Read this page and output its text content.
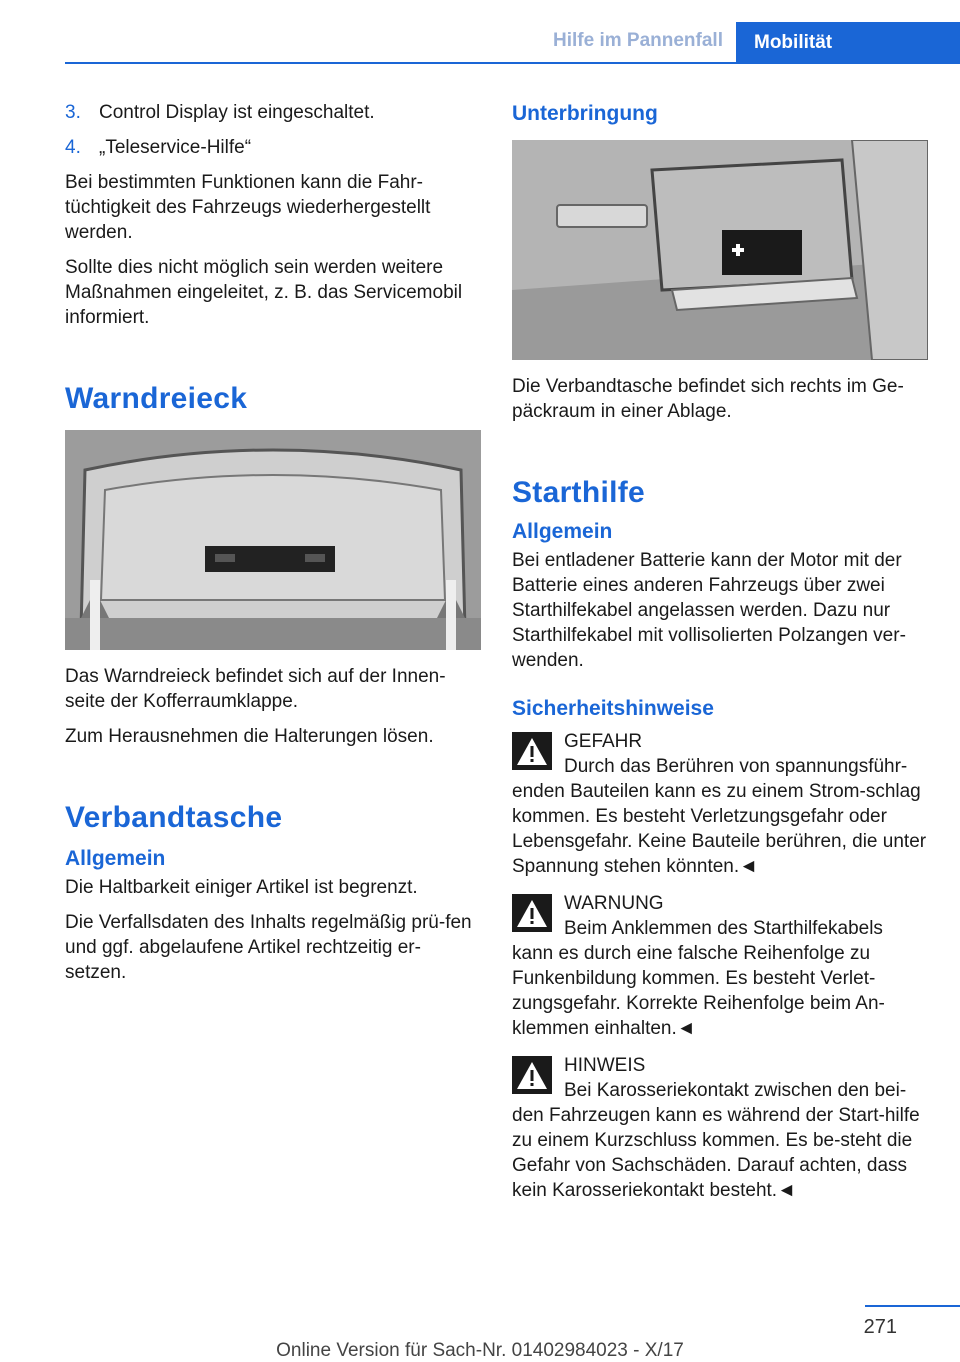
Hilfe im Pannenfall	Mobilität
3. Control Display ist eingeschaltet.
4. „Teleservice-Hilfe“

Bei bestimmten Funktionen kann die Fahr-tüchtigkeit des Fahrzeugs wiederhergestellt werden.

Sollte dies nicht möglich sein werden weitere Maßnahmen eingeleitet, z. B. das Servicemobil informiert.

Warndreieck

Das Warndreieck befindet sich auf der Innen-seite der Kofferraumklappe.

Zum Herausnehmen die Halterungen lösen.

Verbandtasche
Allgemein

Die Haltbarkeit einiger Artikel ist begrenzt.

Die Verfallsdaten des Inhalts regelmäßig prü-fen und ggf. abgelaufene Artikel rechtzeitig er-setzen.

Unterbringung

Die Verbandtasche befindet sich rechts im Ge-päckraum in einer Ablage.

Starthilfe
Allgemein

Bei entladener Batterie kann der Motor mit der Batterie eines anderen Fahrzeugs über zwei Starthilfekabel angelassen werden. Dazu nur Starthilfekabel mit vollisolierten Polzangen ver-wenden.

Sicherheitshinweise

GEFAHR

Durch das Berühren von spannungsführ-enden Bauteilen kann es zu einem Strom-schlag kommen. Es besteht Verletzungsgefahr oder Lebensgefahr. Keine Bauteile berühren, die unter Spannung stehen könnten.◄

WARNUNG

Beim Anklemmen des Starthilfekabels kann es durch eine falsche Reihenfolge zu Funkenbildung kommen. Es besteht Verlet-zungsgefahr. Korrekte Reihenfolge beim An-klemmen einhalten.◄

HINWEIS

Bei Karosseriekontakt zwischen den bei-den Fahrzeugen kann es während der Start-hilfe zu einem Kurzschluss kommen. Es be-steht die Gefahr von Sachschäden. Darauf achten, dass kein Karosseriekontakt besteht.◄

271
Online Version für Sach-Nr. 01402984023 - X/17
